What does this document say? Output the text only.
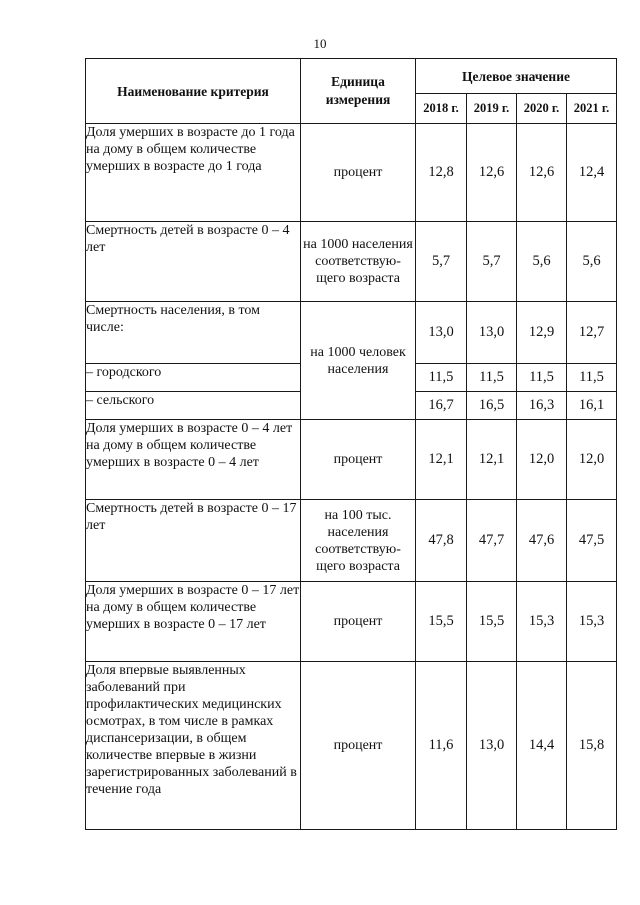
10
Наименование критерия	Единица измерения	Целевое значение			
		2018 г.	2019 г.	2020 г.	2021 г.
Доля умерших в возрасте до 1 года на дому в общем количестве умерших в возрасте до 1 года	процент	12,8	12,6	12,6	12,4
Смертность детей в возрасте 0 – 4 лет	на 1000 населения соответствую-щего возраста	5,7	5,7	5,6	5,6
Смертность населения, в том числе:	на 1000 человек населения	13,0	13,0	12,9	12,7
– городского		11,5	11,5	11,5	11,5
– сельского		16,7	16,5	16,3	16,1
Доля умерших в возрасте 0 – 4 лет на дому в общем количестве умерших в возрасте 0 – 4 лет	процент	12,1	12,1	12,0	12,0
Смертность детей в возрасте 0 – 17 лет	на 100 тыс. населения соответствую-щего возраста	47,8	47,7	47,6	47,5
Доля умерших в возрасте 0 – 17 лет на дому в общем количестве умерших в возрасте 0 – 17 лет	процент	15,5	15,5	15,3	15,3
Доля впервые выявленных заболеваний при профилактических медицинских осмотрах, в том числе в рамках диспансеризации, в общем количестве впервые в жизни зарегистрированных заболеваний в течение года	процент	11,6	13,0	14,4	15,8
